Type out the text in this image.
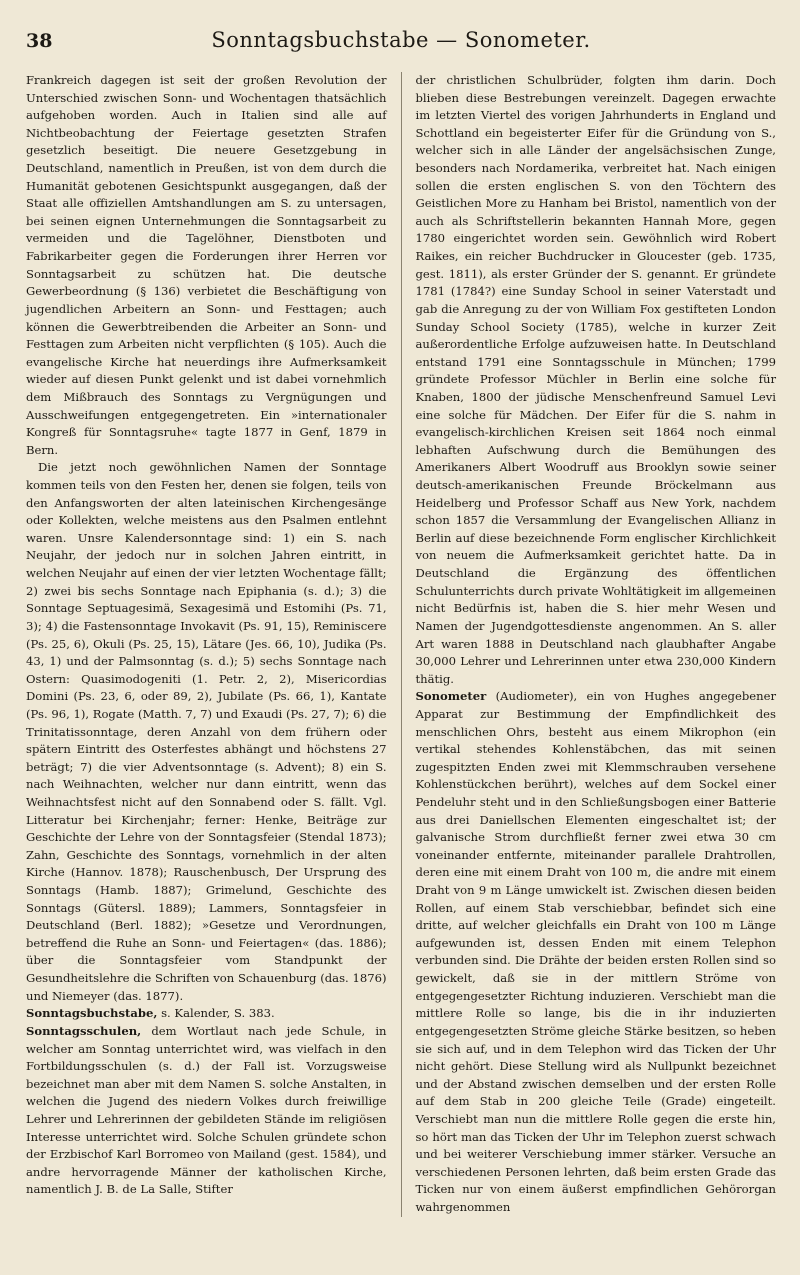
38	Sonntagsbuchstabe — Sonometer.

Frankreich dagegen ist seit der großen Revolution der Unterschied zwischen Sonn- und Wochentagen thatsächlich aufgehoben worden. Auch in Italien sind alle auf Nichtbeobachtung der Feiertage gesetzten Strafen gesetzlich beseitigt. Die neuere Gesetzgebung in Deutschland, namentlich in Preußen, ist von dem durch die Humanität gebotenen Gesichtspunkt ausgegangen, daß der Staat alle offiziellen Amtshandlungen am S. zu untersagen, bei seinen eignen Unternehmungen die Sonntagsarbeit zu vermeiden und die Tagelöhner, Dienstboten und Fabrikarbeiter gegen die Forderungen ihrer Herren vor Sonntagsarbeit zu schützen hat. Die deutsche Gewerbeordnung (§ 136) verbietet die Beschäftigung von jugendlichen Arbeitern an Sonn- und Festtagen; auch können die Gewerbtreibenden die Arbeiter an Sonn- und Festtagen zum Arbeiten nicht verpflichten (§ 105). Auch die evangelische Kirche hat neuerdings ihre Aufmerksamkeit wieder auf diesen Punkt gelenkt und ist dabei vornehmlich dem Mißbrauch des Sonntags zu Vergnügungen und Ausschweifungen entgegengetreten. Ein »internationaler Kongreß für Sonntagsruhe« tagte 1877 in Genf, 1879 in Bern.

Die jetzt noch gewöhnlichen Namen der Sonntage kommen teils von den Festen her, denen sie folgen, teils von den Anfangsworten der alten lateinischen Kirchengesänge oder Kollekten, welche meistens aus den Psalmen entlehnt waren. Unsre Kalendersonntage sind: 1) ein S. nach Neujahr, der jedoch nur in solchen Jahren eintritt, in welchen Neujahr auf einen der vier letzten Wochentage fällt; 2) zwei bis sechs Sonntage nach Epiphania (s. d.); 3) die Sonntage Septuagesimä, Sexagesimä und Estomihi (Ps. 71, 3); 4) die Fastensonntage Invokavit (Ps. 91, 15), Reminiscere (Ps. 25, 6), Okuli (Ps. 25, 15), Lätare (Jes. 66, 10), Judika (Ps. 43, 1) und der Palmsonntag (s. d.); 5) sechs Sonntage nach Ostern: Quasimodogeniti (1. Petr. 2, 2), Misericordias Domini (Ps. 23, 6, oder 89, 2), Jubilate (Ps. 66, 1), Kantate (Ps. 96, 1), Rogate (Matth. 7, 7) und Exaudi (Ps. 27, 7); 6) die Trinitatissonntage, deren Anzahl von dem frühern oder spätern Eintritt des Osterfestes abhängt und höchstens 27 beträgt; 7) die vier Adventsonntage (s. Advent); 8) ein S. nach Weihnachten, welcher nur dann eintritt, wenn das Weihnachtsfest nicht auf den Sonnabend oder S. fällt. Vgl. Litteratur bei Kirchenjahr; ferner: Henke, Beiträge zur Geschichte der Lehre von der Sonntagsfeier (Stendal 1873); Zahn, Geschichte des Sonntags, vornehmlich in der alten Kirche (Hannov. 1878); Rauschenbusch, Der Ursprung des Sonntags (Hamb. 1887); Grimelund, Geschichte des Sonntags (Gütersl. 1889); Lammers, Sonntagsfeier in Deutschland (Berl. 1882); »Gesetze und Verordnungen, betreffend die Ruhe an Sonn- und Feiertagen« (das. 1886); über die Sonntagsfeier vom Standpunkt der Gesundheitslehre die Schriften von Schauenburg (das. 1876) und Niemeyer (das. 1877).

Sonntagsbuchstabe, s. Kalender, S. 383.

Sonntagsschulen, dem Wortlaut nach jede Schule, in welcher am Sonntag unterrichtet wird, was vielfach in den Fortbildungsschulen (s. d.) der Fall ist. Vorzugsweise bezeichnet man aber mit dem Namen S. solche Anstalten, in welchen die Jugend des niedern Volkes durch freiwillige Lehrer und Lehrerinnen der gebildeten Stände im religiösen Interesse unterrichtet wird. Solche Schulen gründete schon der Erzbischof Karl Borromeo von Mailand (gest. 1584), und andre hervorragende Männer der katholischen Kirche, namentlich J. B. de La Salle, Stifter

der christlichen Schulbrüder, folgten ihm darin. Doch blieben diese Bestrebungen vereinzelt. Dagegen erwachte im letzten Viertel des vorigen Jahrhunderts in England und Schottland ein begeisterter Eifer für die Gründung von S., welcher sich in alle Länder der angelsächsischen Zunge, besonders nach Nordamerika, verbreitet hat. Nach einigen sollen die ersten englischen S. von den Töchtern des Geistlichen More zu Hanham bei Bristol, namentlich von der auch als Schriftstellerin bekannten Hannah More, gegen 1780 eingerichtet worden sein. Gewöhnlich wird Robert Raikes, ein reicher Buchdrucker in Gloucester (geb. 1735, gest. 1811), als erster Gründer der S. genannt. Er gründete 1781 (1784?) eine Sunday School in seiner Vaterstadt und gab die Anregung zu der von William Fox gestifteten London Sunday School Society (1785), welche in kurzer Zeit außerordentliche Erfolge aufzuweisen hatte. In Deutschland entstand 1791 eine Sonntagsschule in München; 1799 gründete Professor Müchler in Berlin eine solche für Knaben, 1800 der jüdische Menschenfreund Samuel Levi eine solche für Mädchen. Der Eifer für die S. nahm in evangelisch-kirchlichen Kreisen seit 1864 noch einmal lebhaften Aufschwung durch die Bemühungen des Amerikaners Albert Woodruff aus Brooklyn sowie seiner deutsch-amerikanischen Freunde Bröckelmann aus Heidelberg und Professor Schaff aus New York, nachdem schon 1857 die Versammlung der Evangelischen Allianz in Berlin auf diese bezeichnende Form englischer Kirchlichkeit von neuem die Aufmerksamkeit gerichtet hatte. Da in Deutschland die Ergänzung des öffentlichen Schulunterrichts durch private Wohltätigkeit im allgemeinen nicht Bedürfnis ist, haben die S. hier mehr Wesen und Namen der Jugendgottesdienste angenommen. An S. aller Art waren 1888 in Deutschland nach glaubhafter Angabe 30,000 Lehrer und Lehrerinnen unter etwa 230,000 Kindern thätig.

Sonometer (Audiometer), ein von Hughes angegebener Apparat zur Bestimmung der Empfindlichkeit des menschlichen Ohrs, besteht aus einem Mikrophon (ein vertikal stehendes Kohlenstäbchen, das mit seinen zugespitzten Enden zwei mit Klemmschrauben versehene Kohlenstückchen berührt), welches auf dem Sockel einer Pendeluhr steht und in den Schließungsbogen einer Batterie aus drei Daniellschen Elementen eingeschaltet ist; der galvanische Strom durchfließt ferner zwei etwa 30 cm voneinander entfernte, miteinander parallele Drahtrollen, deren eine mit einem Draht von 100 m, die andre mit einem Draht von 9 m Länge umwickelt ist. Zwischen diesen beiden Rollen, auf einem Stab verschiebbar, befindet sich eine dritte, auf welcher gleichfalls ein Draht von 100 m Länge aufgewunden ist, dessen Enden mit einem Telephon verbunden sind. Die Drähte der beiden ersten Rollen sind so gewickelt, daß sie in der mittlern Ströme von entgegengesetzter Richtung induzieren. Verschiebt man die mittlere Rolle so lange, bis die in ihr induzierten entgegengesetzten Ströme gleiche Stärke besitzen, so heben sie sich auf, und in dem Telephon wird das Ticken der Uhr nicht gehört. Diese Stellung wird als Nullpunkt bezeichnet und der Abstand zwischen demselben und der ersten Rolle auf dem Stab in 200 gleiche Teile (Grade) eingeteilt. Verschiebt man nun die mittlere Rolle gegen die erste hin, so hört man das Ticken der Uhr im Telephon zuerst schwach und bei weiterer Verschiebung immer stärker. Versuche an verschiedenen Personen lehrten, daß beim ersten Grade das Ticken nur von einem äußerst empfindlichen Gehörorgan wahrgenommen
